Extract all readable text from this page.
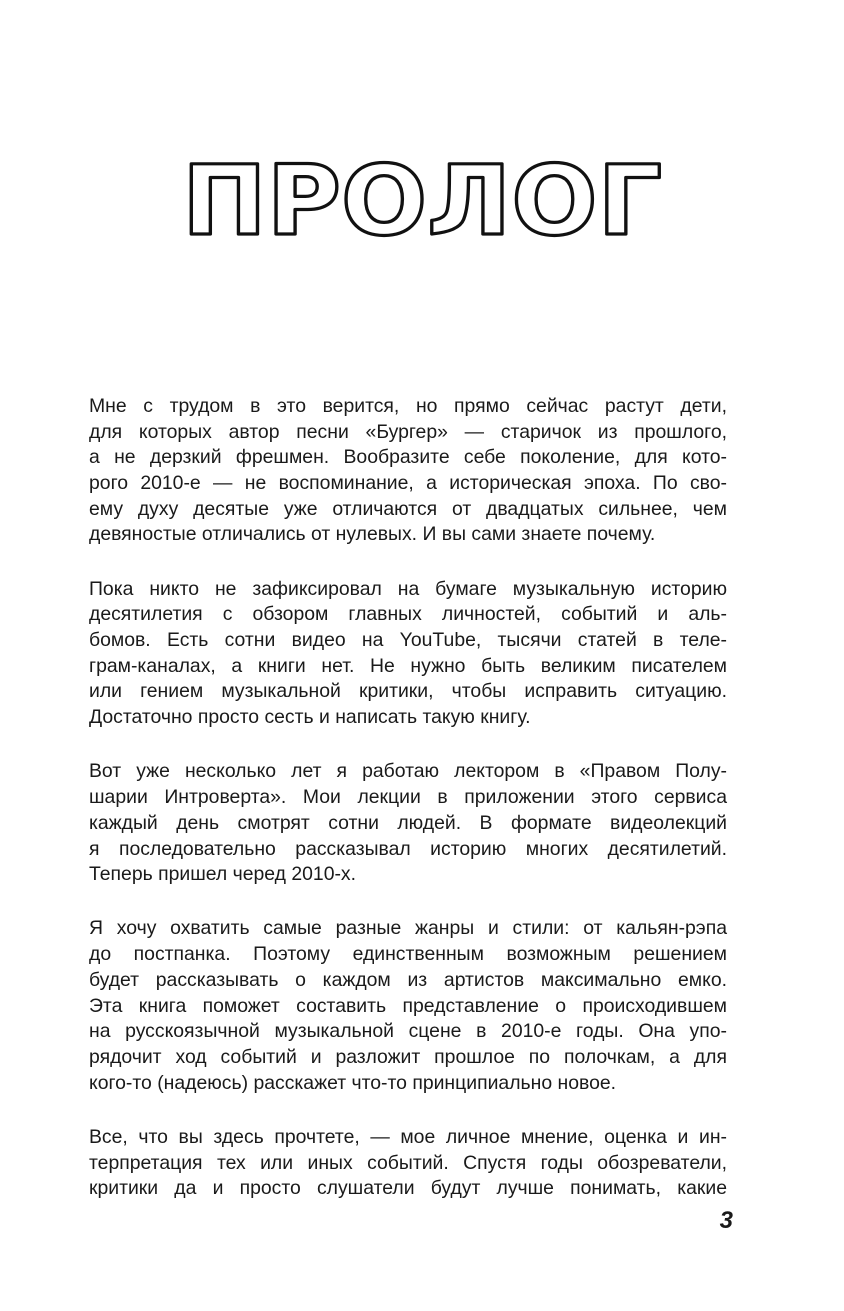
ПРОЛОГ
Мне с трудом в это верится, но прямо сейчас растут дети,
для которых автор песни «Бургер» — старичок из прошлого,
а не дерзкий фрешмен. Вообразите себе поколение, для кото-
рого 2010-е — не воспоминание, а историческая эпоха. По сво-
ему духу десятые уже отличаются от двадцатых сильнее, чем
девяностые отличались от нулевых. И вы сами знаете почему.
Пока никто не зафиксировал на бумаге музыкальную историю
десятилетия с обзором главных личностей, событий и аль-
бомов. Есть сотни видео на YouTube, тысячи статей в теле-
грам-каналах, а книги нет. Не нужно быть великим писателем
или гением музыкальной критики, чтобы исправить ситуацию.
Достаточно просто сесть и написать такую книгу.
Вот уже несколько лет я работаю лектором в «Правом Полу-
шарии Интроверта». Мои лекции в приложении этого сервиса
каждый день смотрят сотни людей. В формате видеолекций
я последовательно рассказывал историю многих десятилетий.
Теперь пришел черед 2010-х.
Я хочу охватить самые разные жанры и стили: от кальян-рэпа
до постпанка. Поэтому единственным возможным решением
будет рассказывать о каждом из артистов максимально емко.
Эта книга поможет составить представление о происходившем
на русскоязычной музыкальной сцене в 2010-е годы. Она упо-
рядочит ход событий и разложит прошлое по полочкам, а для
кого-то (надеюсь) расскажет что-то принципиально новое.
Все, что вы здесь прочтете, — мое личное мнение, оценка и ин-
терпретация тех или иных событий. Спустя годы обозреватели,
критики да и просто слушатели будут лучше понимать, какие
3
